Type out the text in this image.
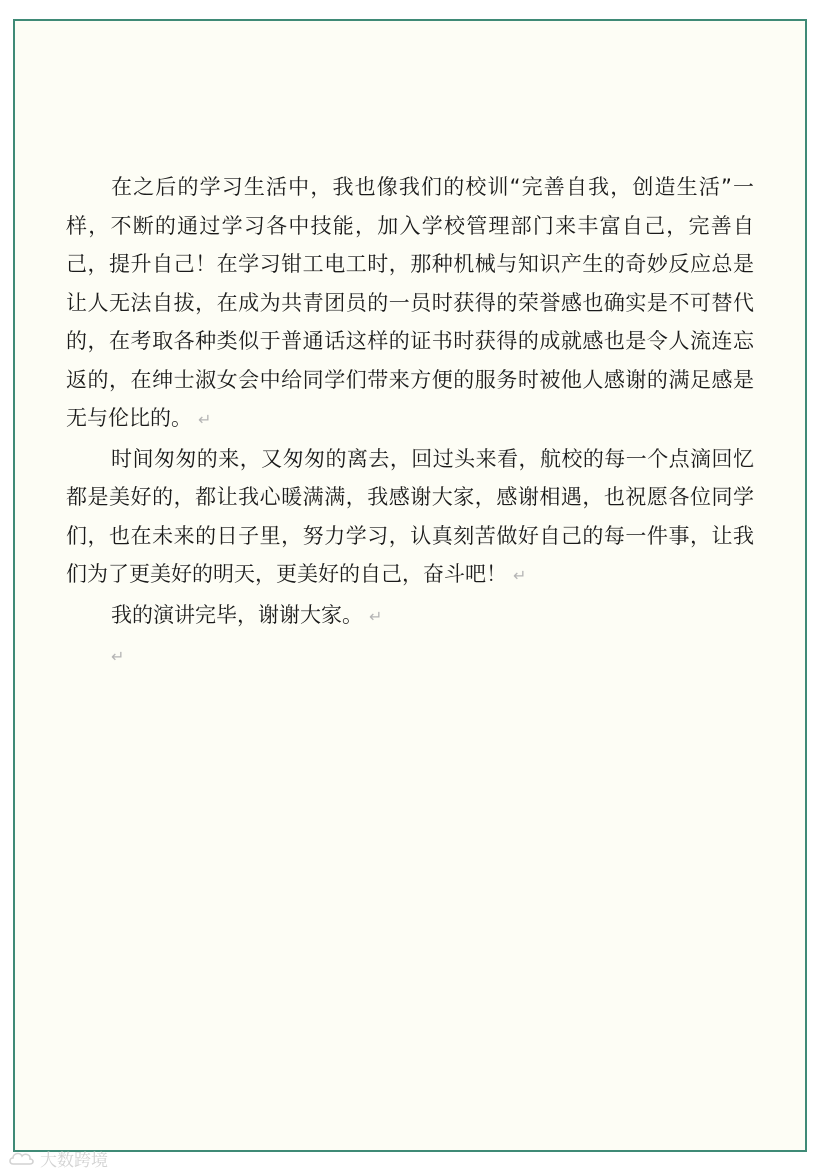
在之后的学习生活中，我也像我们的校训“完善自我，创造生活”一样，不断的通过学习各中技能，加入学校管理部门来丰富自己，完善自己，提升自己！在学习钳工电工时，那种机械与知识产生的奇妙反应总是让人无法自拔，在成为共青团员的一员时获得的荣誉感也确实是不可替代的，在考取各种类似于普通话这样的证书时获得的成就感也是令人流连忘返的，在绅士淑女会中给同学们带来方便的服务时被他人感谢的满足感是无与伦比的。 ↵

时间匆匆的来，又匆匆的离去，回过头来看，航校的每一个点滴回忆都是美好的，都让我心暖满满，我感谢大家，感谢相遇，也祝愿各位同学们，也在未来的日子里，努力学习，认真刻苦做好自己的每一件事，让我们为了更美好的明天，更美好的自己，奋斗吧！ ↵

我的演讲完毕，谢谢大家。 ↵

↵

大数跨境
